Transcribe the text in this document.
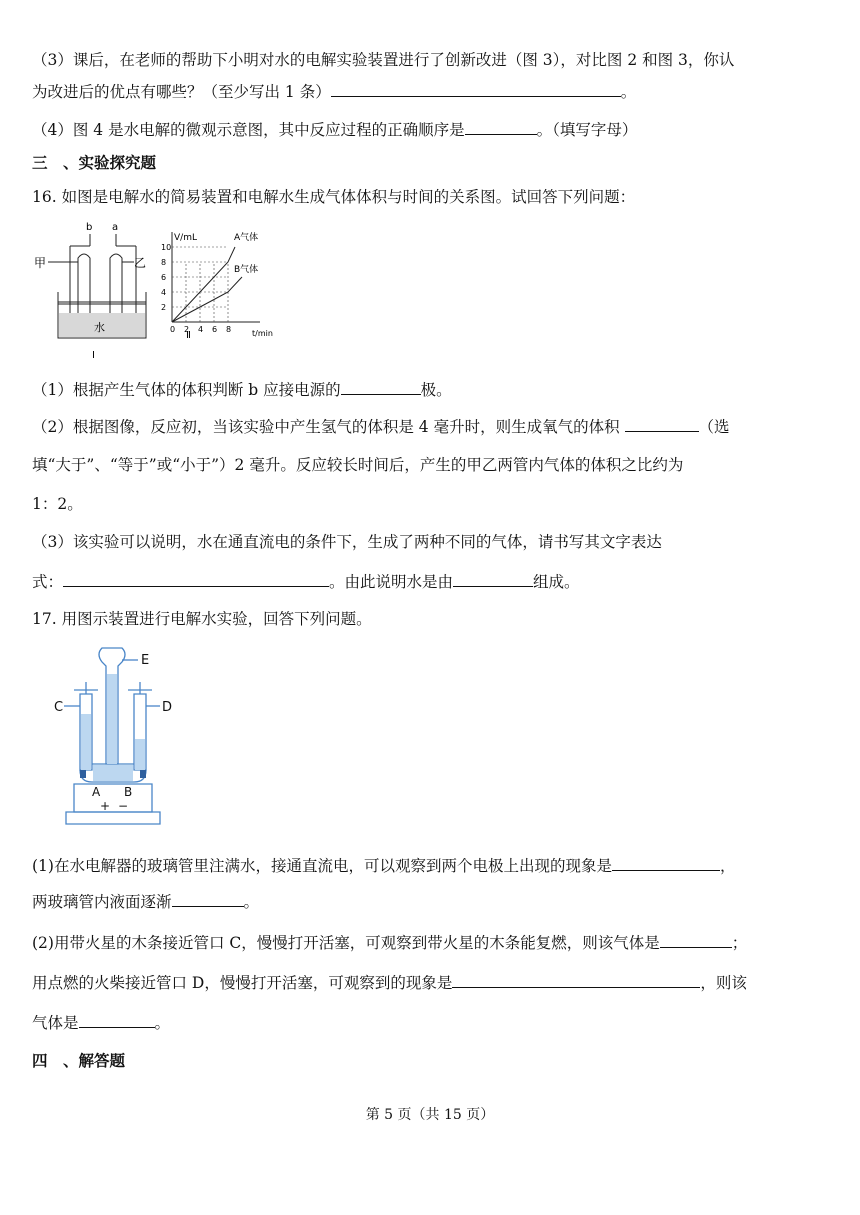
（3）课后，在老师的帮助下小明对水的电解实验装置进行了创新改进（图 3），对比图 2 和图 3，你认
为改进后的优点有哪些？（至少写出 1 条）	。
（4）图 4 是水电解的微观示意图，其中反应过程的正确顺序是	。（填写字母）
三　、实验探究题
16. 如图是电解水的简易装置和电解水生成气体体积与时间的关系图。试回答下列问题：
b a
甲	乙
水
Ⅰ
V/mL
t/min
2
4
6
8
10
0 2 4 6 8
A气体
B气体
Ⅱ
（1）根据产生气体的体积判断 b 应接电源的	极。
（2）根据图像，反应初，当该实验中产生氢气的体积是 4 毫升时，则生成氧气的体积	（选
填“大于”、“等于”或“小于”）2 毫升。反应较长时间后，产生的甲乙两管内气体的体积之比约为
1：2。
（3）该实验可以说明，水在通直流电的条件下，生成了两种不同的气体，请书写其文字表达
式：	。由此说明水是由	组成。
17. 用图示装置进行电解水实验，回答下列问题。
E
C	D
A B
+ −
(1)在水电解器的玻璃管里注满水，接通直流电，可以观察到两个电极上出现的现象是	，
两玻璃管内液面逐渐	。
(2)用带火星的木条接近管口 C，慢慢打开活塞，可观察到带火星的木条能复燃，则该气体是	；
用点燃的火柴接近管口 D，慢慢打开活塞，可观察到的现象是	，则该
气体是	。
四　、解答题
第 5 页（共 15 页）
